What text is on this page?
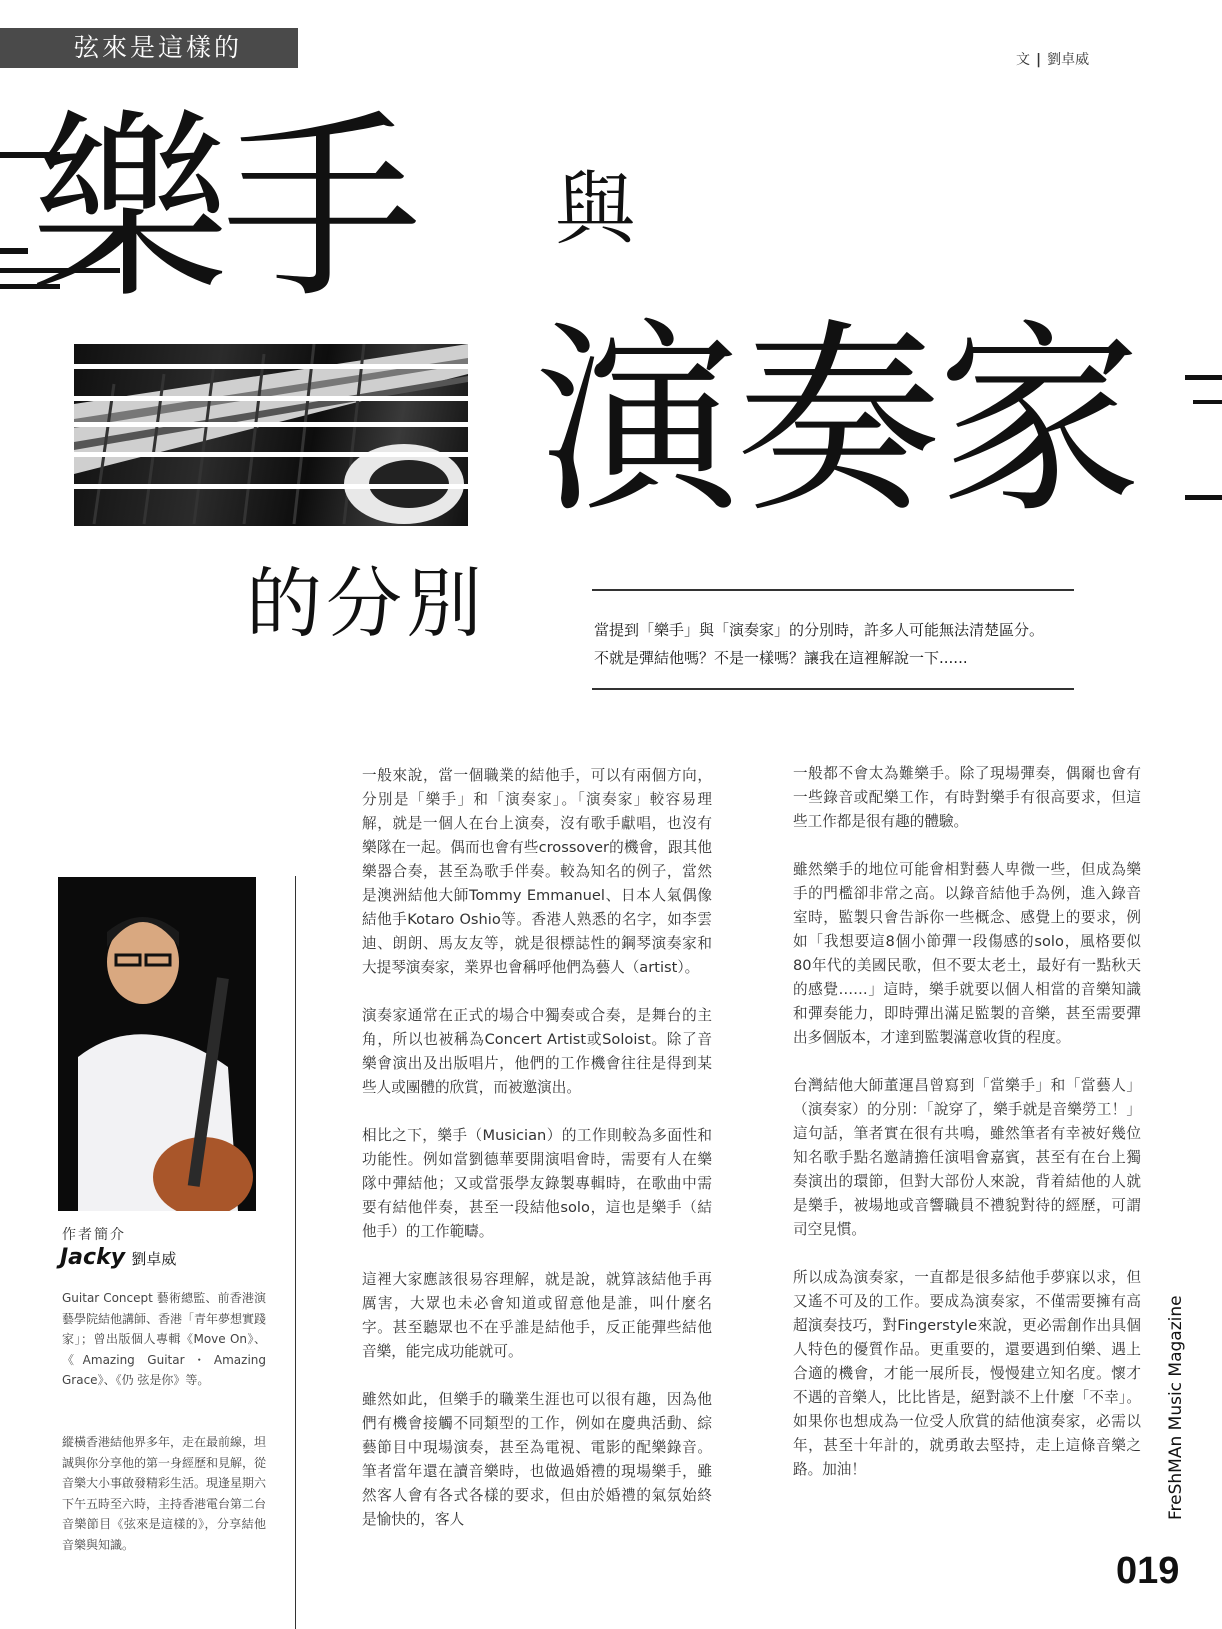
弦來是這樣的	文 | 劉卓威
樂手 與
演奏家
的分別	當提到「樂手」與「演奏家」的分別時，許多人可能無法清楚區分。
不就是彈結他嗎？不是一樣嗎？讓我在這裡解說一下......
作者簡介
Jacky 劉卓威
Guitar Concept 藝術總監、前香港演藝學院結他講師、香港「青年夢想實踐家」；曾出版個人專輯《Move On》、《Amazing Guitar・Amazing Grace》、《仍 弦是你》等。
縱橫香港結他界多年，走在最前線，坦誠與你分享他的第一身經歷和見解，從音樂大小事啟發精彩生活。現逢星期六下午五時至六時，主持香港電台第二台音樂節目《弦來是這樣的》，分享結他音樂與知識。

一般來說，當一個職業的結他手，可以有兩個方向，分別是「樂手」和「演奏家」。「演奏家」較容易理解，就是一個人在台上演奏，沒有歌手獻唱，也沒有樂隊在一起。偶而也會有些crossover的機會，跟其他樂器合奏，甚至為歌手伴奏。較為知名的例子，當然是澳洲結他大師Tommy Emmanuel、日本人氣偶像結他手Kotaro Oshio等。香港人熟悉的名字，如李雲迪、朗朗、馬友友等，就是很標誌性的鋼琴演奏家和大提琴演奏家，業界也會稱呼他們為藝人（artist）。

演奏家通常在正式的場合中獨奏或合奏，是舞台的主角，所以也被稱為Concert Artist或Soloist。除了音樂會演出及出版唱片，他們的工作機會往往是得到某些人或團體的欣賞，而被邀演出。

相比之下，樂手（Musician）的工作則較為多面性和功能性。例如當劉德華要開演唱會時，需要有人在樂隊中彈結他；又或當張學友錄製專輯時，在歌曲中需要有結他伴奏，甚至一段結他solo，這也是樂手（結他手）的工作範疇。

這裡大家應該很易容理解，就是說，就算該結他手再厲害，大眾也未必會知道或留意他是誰，叫什麼名字。甚至聽眾也不在乎誰是結他手，反正能彈些結他音樂，能完成功能就可。

雖然如此，但樂手的職業生涯也可以很有趣，因為他們有機會接觸不同類型的工作，例如在慶典活動、綜藝節目中現場演奏，甚至為電視、電影的配樂錄音。筆者當年還在讀音樂時，也做過婚禮的現場樂手，雖然客人會有各式各樣的要求，但由於婚禮的氣氛始終是愉快的，客人

一般都不會太為難樂手。除了現場彈奏，偶爾也會有一些錄音或配樂工作，有時對樂手有很高要求，但這些工作都是很有趣的體驗。

雖然樂手的地位可能會相對藝人卑微一些，但成為樂手的門檻卻非常之高。以錄音結他手為例，進入錄音室時，監製只會告訴你一些概念、感覺上的要求，例如「我想要這8個小節彈一段傷感的solo，風格要似80年代的美國民歌，但不要太老土，最好有一點秋天的感覺……」這時，樂手就要以個人相當的音樂知識和彈奏能力，即時彈出滿足監製的音樂，甚至需要彈出多個版本，才達到監製滿意收貨的程度。

台灣結他大師董運昌曾寫到「當樂手」和「當藝人」（演奏家）的分別：「說穿了，樂手就是音樂勞工！」這句話，筆者實在很有共鳴，雖然筆者有幸被好幾位知名歌手點名邀請擔任演唱會嘉賓，甚至有在台上獨奏演出的環節，但對大部份人來說，背着結他的人就是樂手，被場地或音響職員不禮貌對待的經歷，可謂司空見慣。

所以成為演奏家，一直都是很多結他手夢寐以求，但又遙不可及的工作。要成為演奏家，不僅需要擁有高超演奏技巧，對Fingerstyle來說，更必需創作出具個人特色的優質作品。更重要的，還要遇到伯樂、遇上合適的機會，才能一展所長，慢慢建立知名度。懷才不遇的音樂人，比比皆是，絕對談不上什麼「不幸」。如果你也想成為一位受人欣賞的結他演奏家，必需以年，甚至十年計的，就勇敢去堅持，走上這條音樂之路。加油！	FreShMAn Music Magazine
019
